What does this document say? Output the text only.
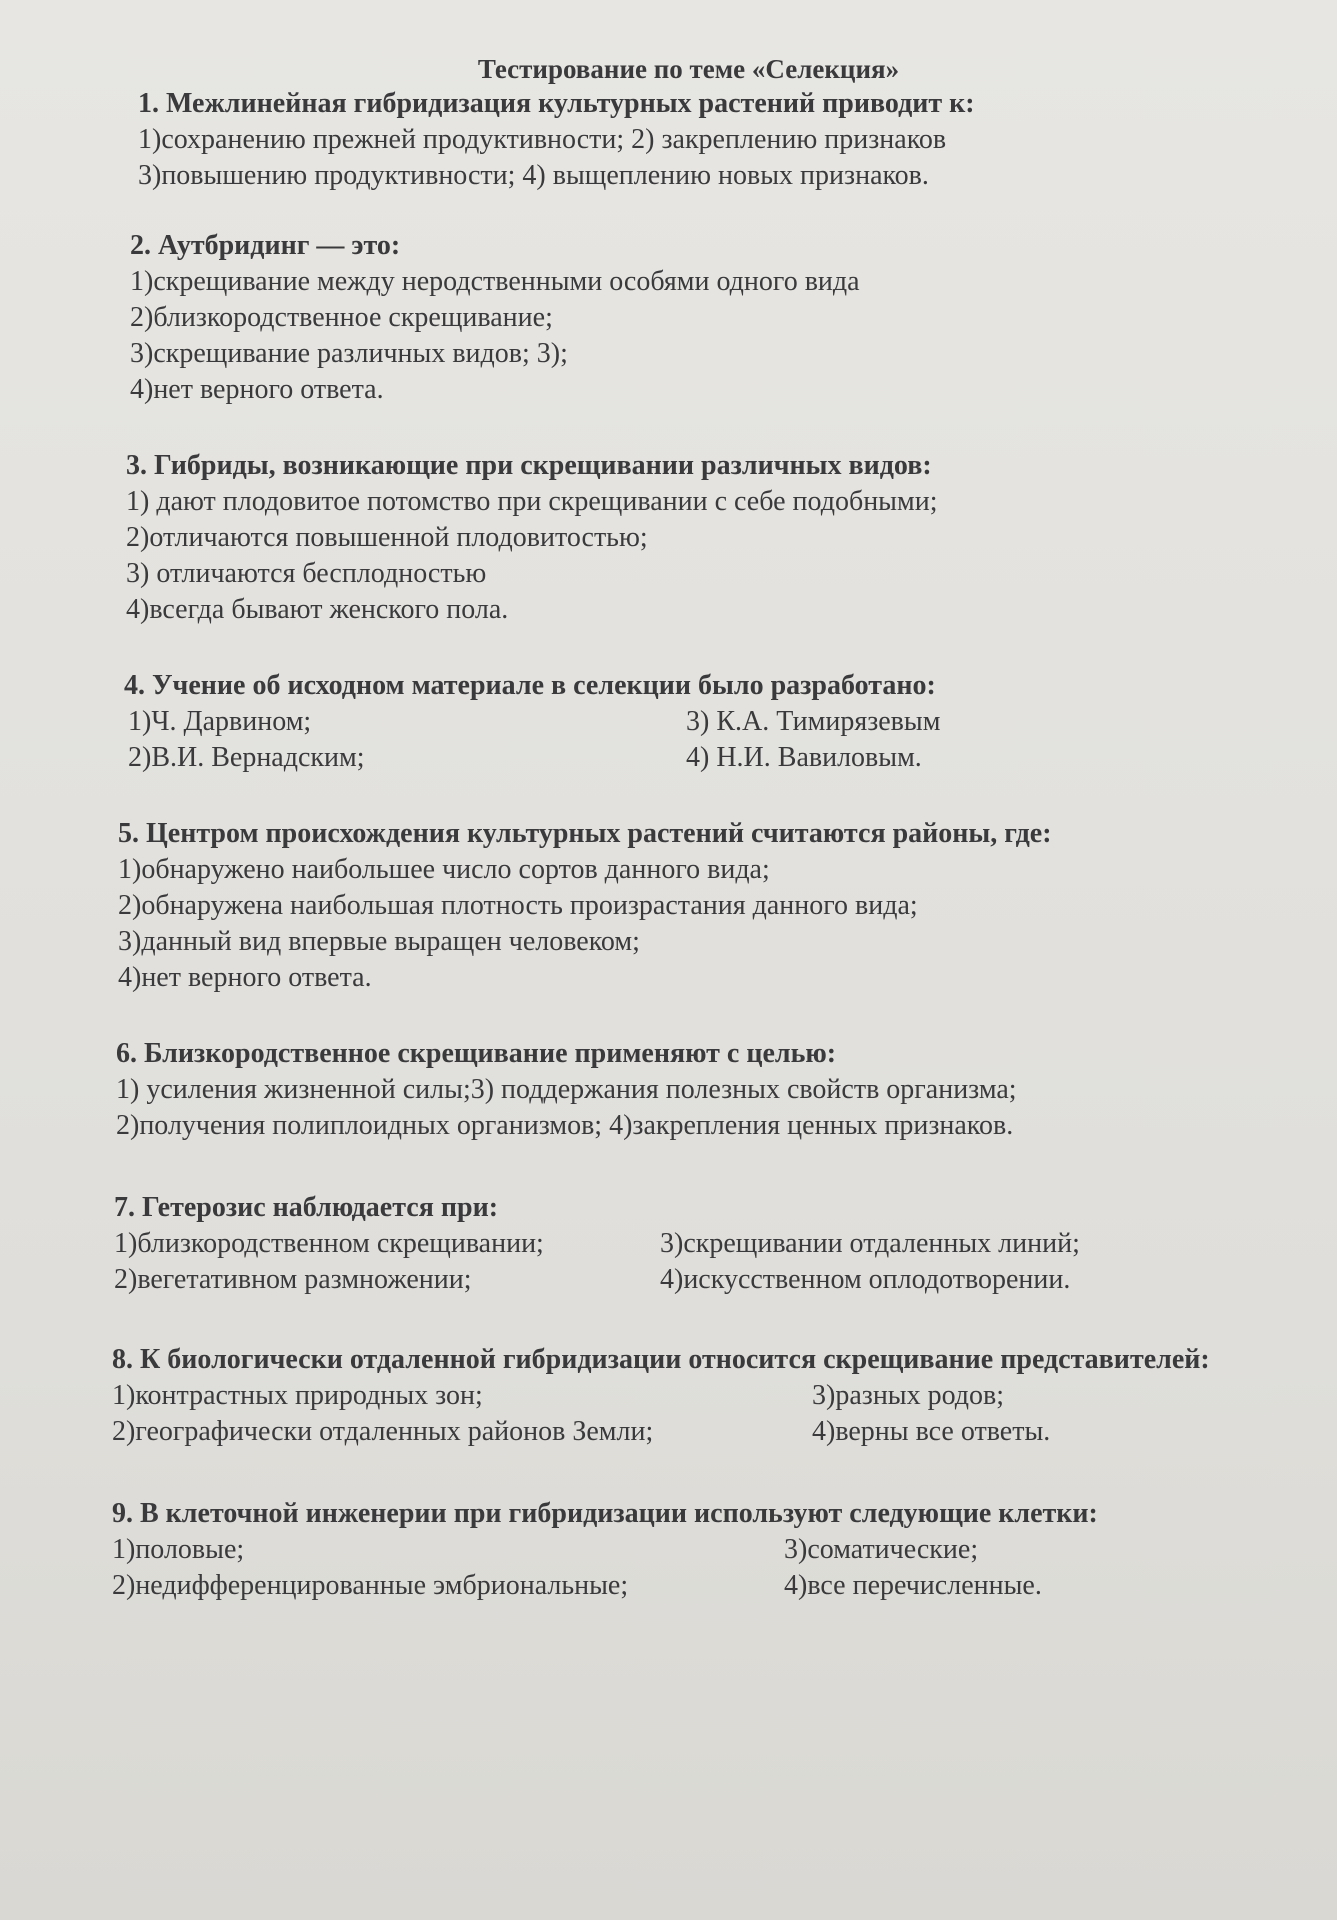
Тестирование по теме «Селекция»
1. Межлинейная гибридизация культурных растений приводит к:
1)сохранению прежней продуктивности; 2) закреплению признаков
3)повышению продуктивности; 4) выщеплению новых признаков.
2. Аутбридинг — это:
1)скрещивание между неродственными особями одного вида
2)близкородственное скрещивание;
3)скрещивание различных видов; 3);
4)нет верного ответа.
3. Гибриды, возникающие при скрещивании различных видов:
1) дают плодовитое потомство при скрещивании с себе подобными;
2)отличаются повышенной плодовитостью;
3) отличаются бесплодностью
4)всегда бывают женского пола.
4. Учение об исходном материале в селекции было разработано:
1)Ч. Дарвином;	3) К.А. Тимирязевым
2)В.И. Вернадским;	4) Н.И. Вавиловым.
5. Центром происхождения культурных растений считаются районы, где:
1)обнаружено наибольшее число сортов данного вида;
2)обнаружена наибольшая плотность произрастания данного вида;
3)данный вид впервые выращен человеком;
4)нет верного ответа.
6. Близкородственное скрещивание применяют с целью:
1) усиления жизненной силы;3) поддержания полезных свойств организма;
2)получения полиплоидных организмов; 4)закрепления ценных признаков.
7. Гетерозис наблюдается при:
1)близкородственном скрещивании;	3)скрещивании отдаленных линий;
2)вегетативном размножении;	4)искусственном оплодотворении.
8. К биологически отдаленной гибридизации относится скрещивание представителей:
1)контрастных природных зон;	3)разных родов;
2)географически отдаленных районов Земли;	4)верны все ответы.
9. В клеточной инженерии при гибридизации используют следующие клетки:
1)половые;	3)соматические;
2)недифференцированные эмбриональные;	4)все перечисленные.
